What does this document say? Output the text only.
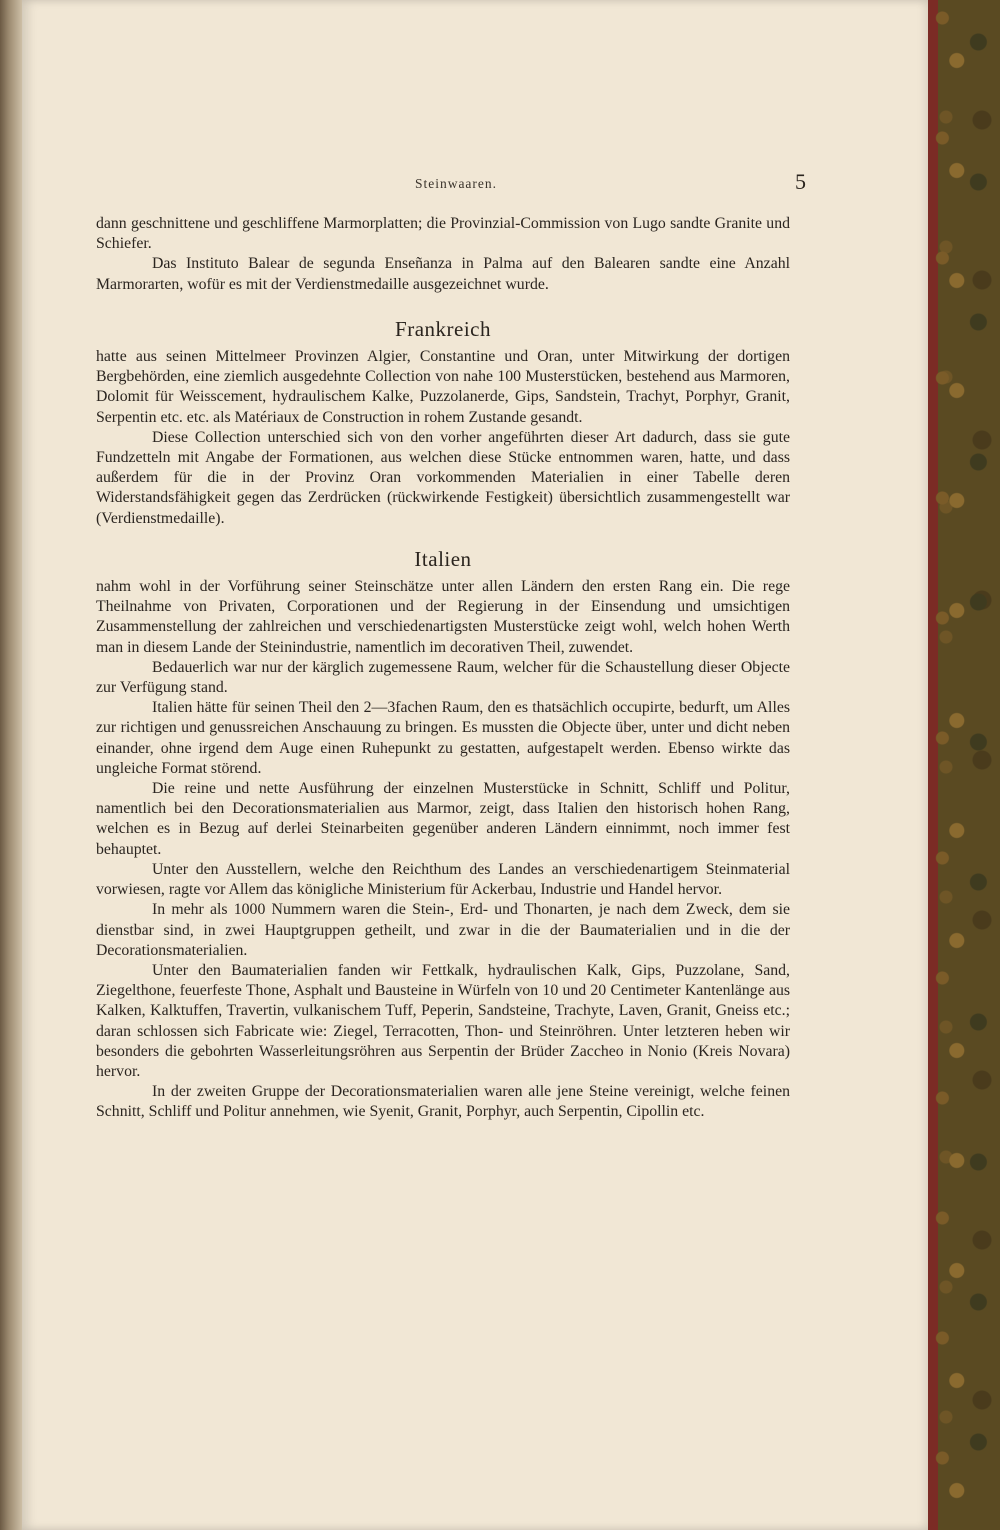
Steinwaaren.	5

dann geschnittene und geschliffene Marmorplatten; die Provinzial-Commission von Lugo sandte Granite und Schiefer.

Das Instituto Balear de segunda Enseñanza in Palma auf den Balearen sandte eine Anzahl Marmorarten, wofür es mit der Verdienstmedaille ausgezeichnet wurde.

Frankreich

hatte aus seinen Mittelmeer Provinzen Algier, Constantine und Oran, unter Mitwirkung der dortigen Bergbehörden, eine ziemlich ausgedehnte Collection von nahe 100 Musterstücken, bestehend aus Marmoren, Dolomit für Weisscement, hydraulischem Kalke, Puzzolanerde, Gips, Sandstein, Trachyt, Porphyr, Granit, Serpentin etc. etc. als Matériaux de Construction in rohem Zustande gesandt.

Diese Collection unterschied sich von den vorher angeführten dieser Art dadurch, dass sie gute Fundzetteln mit Angabe der Formationen, aus welchen diese Stücke entnommen waren, hatte, und dass außerdem für die in der Provinz Oran vorkommenden Materialien in einer Tabelle deren Widerstandsfähigkeit gegen das Zerdrücken (rückwirkende Festigkeit) übersichtlich zusammengestellt war (Verdienstmedaille).

Italien

nahm wohl in der Vorführung seiner Steinschätze unter allen Ländern den ersten Rang ein. Die rege Theilnahme von Privaten, Corporationen und der Regierung in der Einsendung und umsichtigen Zusammenstellung der zahlreichen und verschiedenartigsten Musterstücke zeigt wohl, welch hohen Werth man in diesem Lande der Steinindustrie, namentlich im decorativen Theil, zuwendet.

Bedauerlich war nur der kärglich zugemessene Raum, welcher für die Schaustellung dieser Objecte zur Verfügung stand.

Italien hätte für seinen Theil den 2—3fachen Raum, den es thatsächlich occupirte, bedurft, um Alles zur richtigen und genussreichen Anschauung zu bringen. Es mussten die Objecte über, unter und dicht neben einander, ohne irgend dem Auge einen Ruhepunkt zu gestatten, aufgestapelt werden. Ebenso wirkte das ungleiche Format störend.

Die reine und nette Ausführung der einzelnen Musterstücke in Schnitt, Schliff und Politur, namentlich bei den Decorationsmaterialien aus Marmor, zeigt, dass Italien den historisch hohen Rang, welchen es in Bezug auf derlei Steinarbeiten gegenüber anderen Ländern einnimmt, noch immer fest behauptet.

Unter den Ausstellern, welche den Reichthum des Landes an verschiedenartigem Steinmaterial vorwiesen, ragte vor Allem das königliche Ministerium für Ackerbau, Industrie und Handel hervor.

In mehr als 1000 Nummern waren die Stein-, Erd- und Thonarten, je nach dem Zweck, dem sie dienstbar sind, in zwei Hauptgruppen getheilt, und zwar in die der Baumaterialien und in die der Decorationsmaterialien.

Unter den Baumaterialien fanden wir Fettkalk, hydraulischen Kalk, Gips, Puzzolane, Sand, Ziegelthone, feuerfeste Thone, Asphalt und Bausteine in Würfeln von 10 und 20 Centimeter Kantenlänge aus Kalken, Kalktuffen, Travertin, vulkanischem Tuff, Peperin, Sandsteine, Trachyte, Laven, Granit, Gneiss etc.; daran schlossen sich Fabricate wie: Ziegel, Terracotten, Thon- und Steinröhren. Unter letzteren heben wir besonders die gebohrten Wasserleitungsröhren aus Serpentin der Brüder Zaccheo in Nonio (Kreis Novara) hervor.

In der zweiten Gruppe der Decorationsmaterialien waren alle jene Steine vereinigt, welche feinen Schnitt, Schliff und Politur annehmen, wie Syenit, Granit, Porphyr, auch Serpentin, Cipollin etc.
